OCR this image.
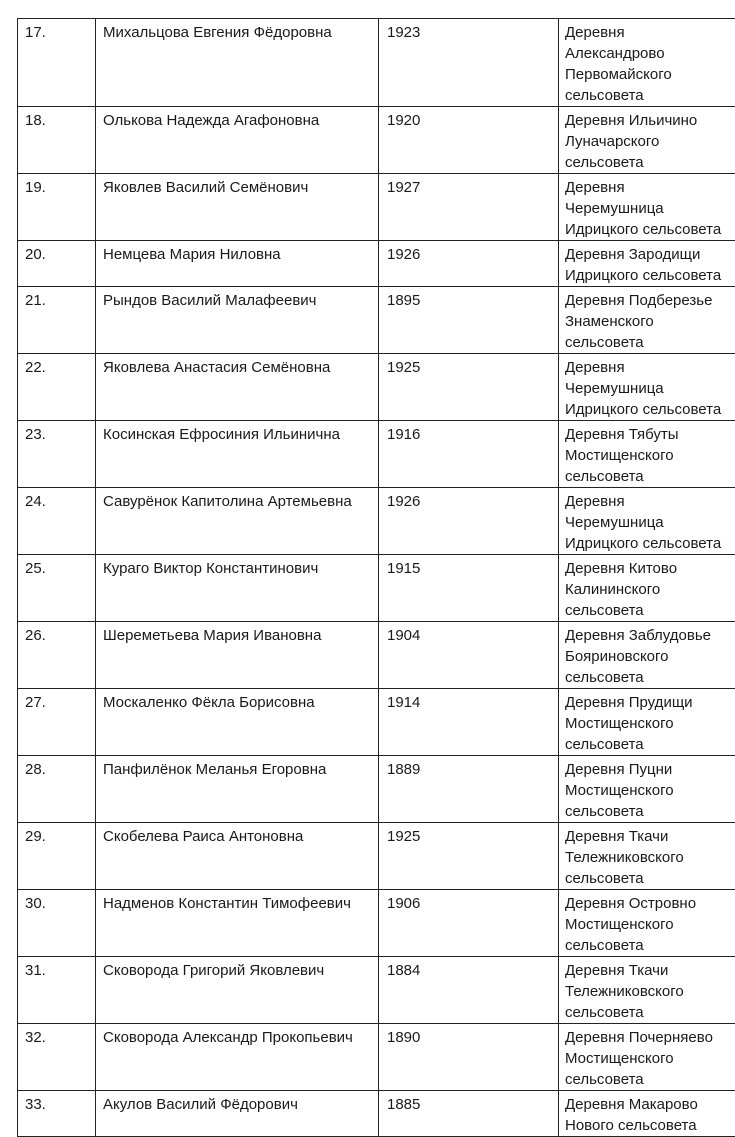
17.	Михальцова Евгения Фёдоровна	1923	Деревня
Александрово
Первомайского
сельсовета

18.	Олькова Надежда Агафоновна	1920	Деревня Ильичино
Луначарского
сельсовета

19.	Яковлев Василий Семёнович	1927	Деревня
Черемушница
Идрицкого сельсовета

20.	Немцева Мария Ниловна	1926	Деревня Зародищи
Идрицкого сельсовета

21.	Рындов Василий Малафеевич	1895	Деревня Подберезье
Знаменского
сельсовета

22.	Яковлева Анастасия Семёновна	1925	Деревня
Черемушница
Идрицкого сельсовета

23.	Косинская Ефросиния Ильинична	1916	Деревня Тябуты
Мостищенского
сельсовета

24.	Савурёнок Капитолина Артемьевна	1926	Деревня
Черемушница
Идрицкого сельсовета

25.	Кураго Виктор Константинович	1915	Деревня Китово
Калининского
сельсовета

26.	Шереметьева Мария Ивановна	1904	Деревня Заблудовье
Бояриновского
сельсовета

27.	Москаленко Фёкла Борисовна	1914	Деревня Прудищи
Мостищенского
сельсовета

28.	Панфилёнок Меланья Егоровна	1889	Деревня Пуцни
Мостищенского
сельсовета

29.	Скобелева Раиса Антоновна	1925	Деревня Ткачи
Тележниковского
сельсовета

30.	Надменов Константин Тимофеевич	1906	Деревня Островно
Мостищенского
сельсовета

31.	Сковорода Григорий Яковлевич	1884	Деревня Ткачи
Тележниковского
сельсовета

32.	Сковорода Александр Прокопьевич	1890	Деревня Почерняево
Мостищенского
сельсовета

33.	Акулов Василий Фёдорович	1885	Деревня Макарово
Нового сельсовета
